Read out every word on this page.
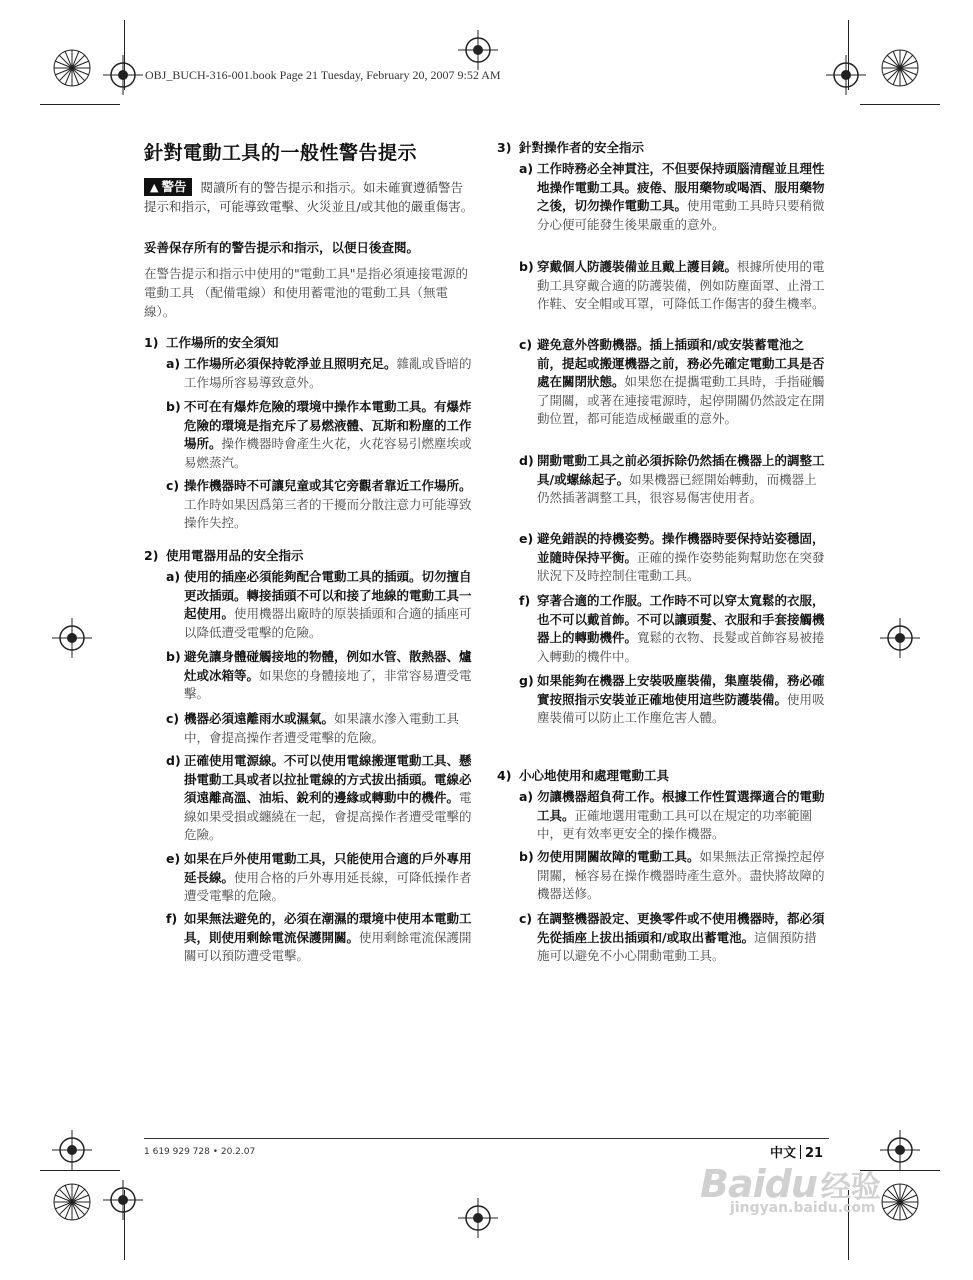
OBJ_BUCH-316-001.book Page 21 Tuesday, February 20, 2007 9:52 AM
針對電動工具的一般性警告提示
▲ 警告 閱讀所有的警告提示和指示。如未確實遵循警告提示和指示，可能導致電擊、火災並且/或其他的嚴重傷害。
妥善保存所有的警告提示和指示，以便日後查閱。
在警告提示和指示中使用的"電動工具"是指必須連接電源的電動工具 （配備電線）和使用蓄電池的電動工具（無電線）。
1) 工作場所的安全須知
a) 工作場所必須保持乾淨並且照明充足。雜亂或昏暗的工作場所容易導致意外。
b) 不可在有爆炸危險的環境中操作本電動工具。有爆炸危險的環境是指充斥了易燃液體、瓦斯和粉塵的工作場所。操作機器時會產生火花，火花容易引燃塵埃或易燃蒸汽。
c) 操作機器時不可讓兒童或其它旁觀者靠近工作場所。工作時如果因爲第三者的干擾而分散注意力可能導致操作失控。
2) 使用電器用品的安全指示
a) 使用的插座必須能夠配合電動工具的插頭。切勿擅自更改插頭。轉接插頭不可以和接了地線的電動工具一起使用。使用機器出廠時的原裝插頭和合適的插座可以降低遭受電擊的危險。
b) 避免讓身體碰觸接地的物體，例如水管、散熱器、爐灶或冰箱等。如果您的身體接地了，非常容易遭受電擊。
c) 機器必須遠離雨水或濕氣。如果讓水滲入電動工具中，會提高操作者遭受電擊的危險。
d) 正確使用電源線。不可以使用電線搬運電動工具、懸掛電動工具或者以拉扯電線的方式拔出插頭。電線必須遠離高溫、油垢、銳利的邊緣或轉動中的機件。電線如果受損或纏繞在一起，會提高操作者遭受電擊的危險。
e) 如果在戶外使用電動工具，只能使用合適的戶外專用延長線。使用合格的戶外專用延長線，可降低操作者遭受電擊的危險。
f) 如果無法避免的，必須在潮濕的環境中使用本電動工具，則使用剩餘電流保護開關。使用剩餘電流保護開關可以預防遭受電擊。
3) 針對操作者的安全指示
a) 工作時務必全神貫注，不但要保持頭腦清醒並且理性地操作電動工具。疲倦、服用藥物或喝酒、服用藥物之後，切勿操作電動工具。使用電動工具時只要稍微分心便可能發生後果嚴重的意外。
b) 穿戴個人防護裝備並且戴上護目鏡。根據所使用的電動工具穿戴合適的防護裝備，例如防塵面罩、止滑工作鞋、安全帽或耳罩，可降低工作傷害的發生機率。
c) 避免意外啓動機器。插上插頭和/或安裝蓄電池之前，提起或搬運機器之前，務必先確定電動工具是否處在關閉狀態。如果您在提攜電動工具時，手指碰觸了開關，或著在連接電源時，起停開關仍然設定在開動位置，都可能造成極嚴重的意外。
d) 開動電動工具之前必須拆除仍然插在機器上的調整工具/或螺絲起子。如果機器已經開始轉動，而機器上仍然插著調整工具，很容易傷害使用者。
e) 避免錯誤的持機姿勢。操作機器時要保持站姿穩固，並隨時保持平衡。正確的操作姿勢能夠幫助您在突發狀況下及時控制住電動工具。
f) 穿著合適的工作服。工作時不可以穿太寬鬆的衣服，也不可以戴首飾。不可以讓頭髮、衣服和手套接觸機器上的轉動機件。寬鬆的衣物、長髮或首飾容易被捲入轉動的機件中。
g) 如果能夠在機器上安裝吸塵裝備，集塵裝備，務必確實按照指示安裝並正確地使用這些防護裝備。使用吸塵裝備可以防止工作塵危害人體。
4) 小心地使用和處理電動工具
a) 勿讓機器超負荷工作。根據工作性質選擇適合的電動工具。正確地選用電動工具可以在規定的功率範圍中，更有效率更安全的操作機器。
b) 勿使用開關故障的電動工具。如果無法正常操控起停開關，極容易在操作機器時產生意外。盡快將故障的機器送修。
c) 在調整機器設定、更換零件或不使用機器時，都必須先從插座上拔出插頭和/或取出蓄電池。這個預防措施可以避免不小心開動電動工具。
1 619 929 728 • 20.2.07	中文 21
Baidu 经验
jingyan.baidu.com
